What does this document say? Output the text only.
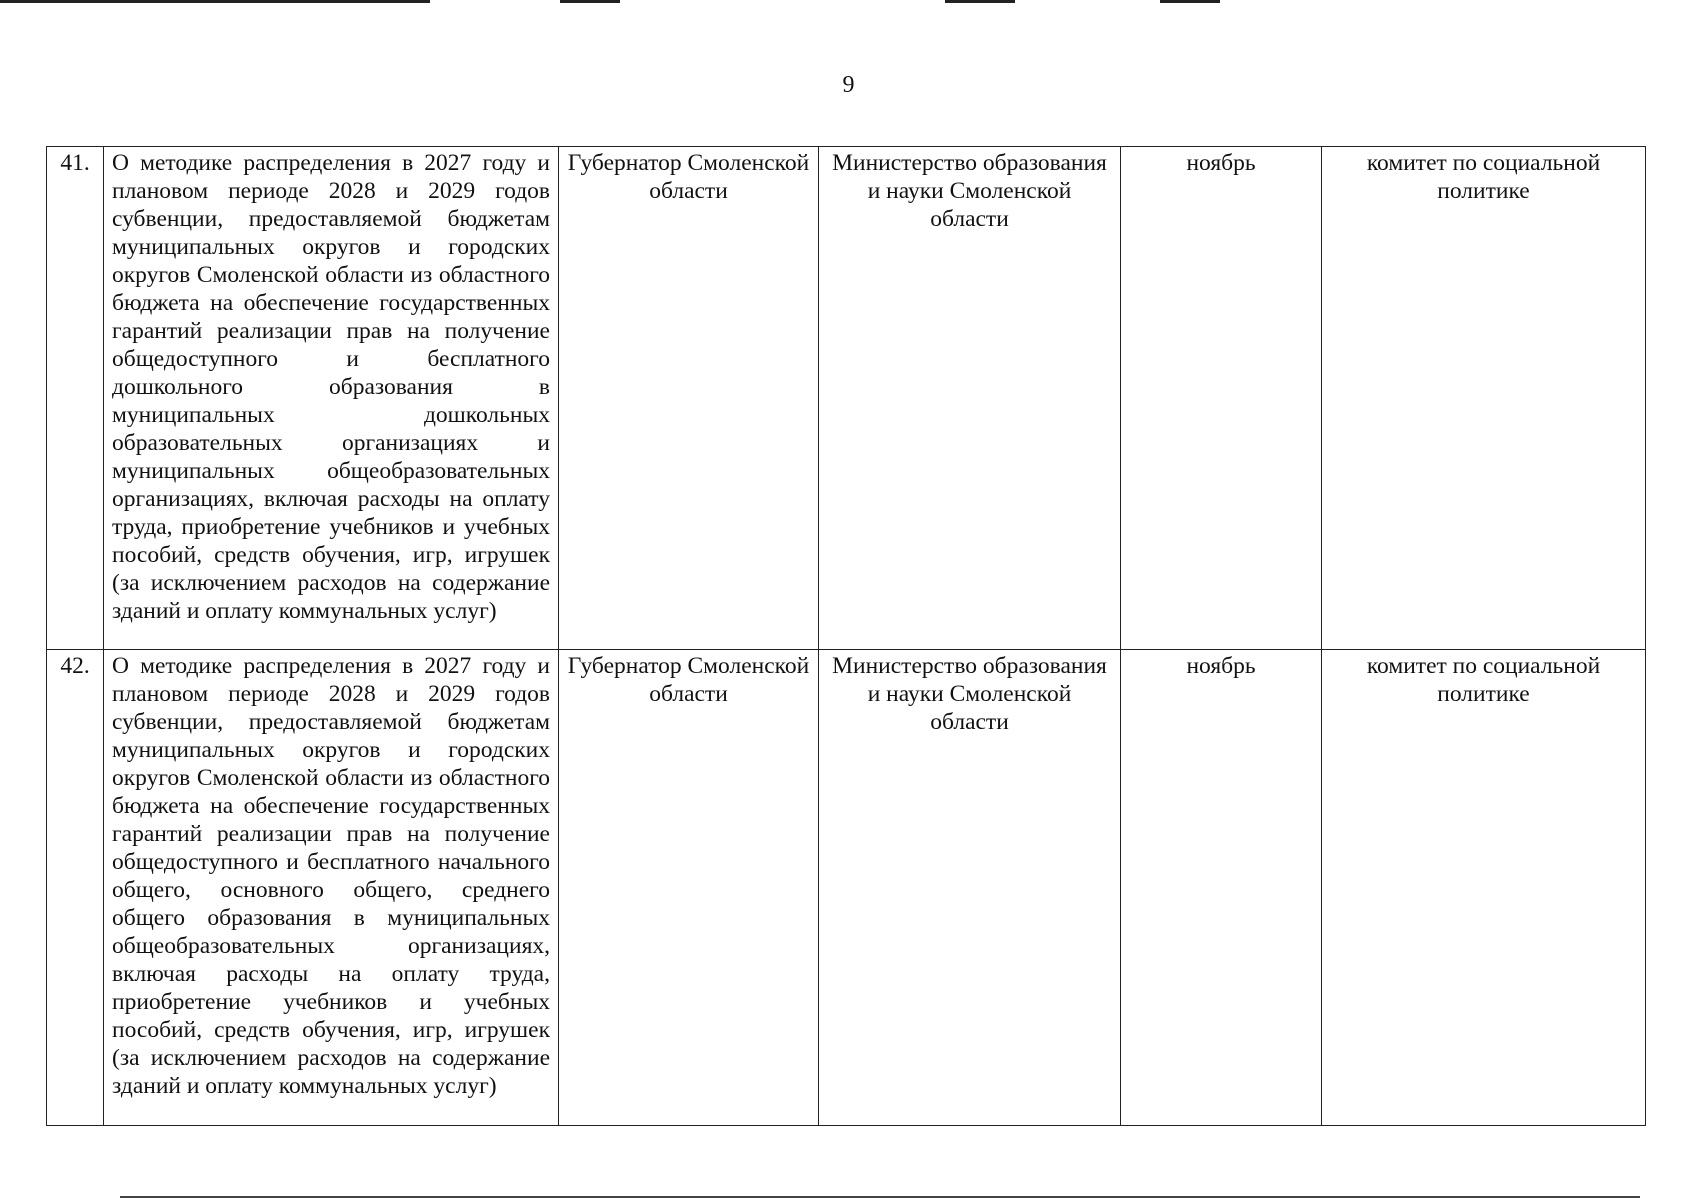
9
41.	О методике распределения в 2027 году и плановом периоде 2028 и 2029 годов субвенции, предоставляемой бюджетам муниципальных округов и городских округов Смоленской области из областного бюджета на обеспечение государственных гарантий реализации прав на получение общедоступного и бесплатного дошкольного образования в муниципальных дошкольных образовательных организациях и муниципальных общеобразовательных организациях, включая расходы на оплату труда, приобретение учебников и учебных пособий, средств обучения, игр, игрушек (за исключением расходов на содержание зданий и оплату коммунальных услуг)	Губернатор Смоленской области	Министерство образования и науки Смоленской области	ноябрь	комитет по социальной политике
42.	О методике распределения в 2027 году и плановом периоде 2028 и 2029 годов субвенции, предоставляемой бюджетам муниципальных округов и городских округов Смоленской области из областного бюджета на обеспечение государственных гарантий реализации прав на получение общедоступного и бесплатного начального общего, основного общего, среднего общего образования в муниципальных общеобразовательных организациях, включая расходы на оплату труда, приобретение учебников и учебных пособий, средств обучения, игр, игрушек (за исключением расходов на содержание зданий и оплату коммунальных услуг)	Губернатор Смоленской области	Министерство образования и науки Смоленской области	ноябрь	комитет по социальной политике
